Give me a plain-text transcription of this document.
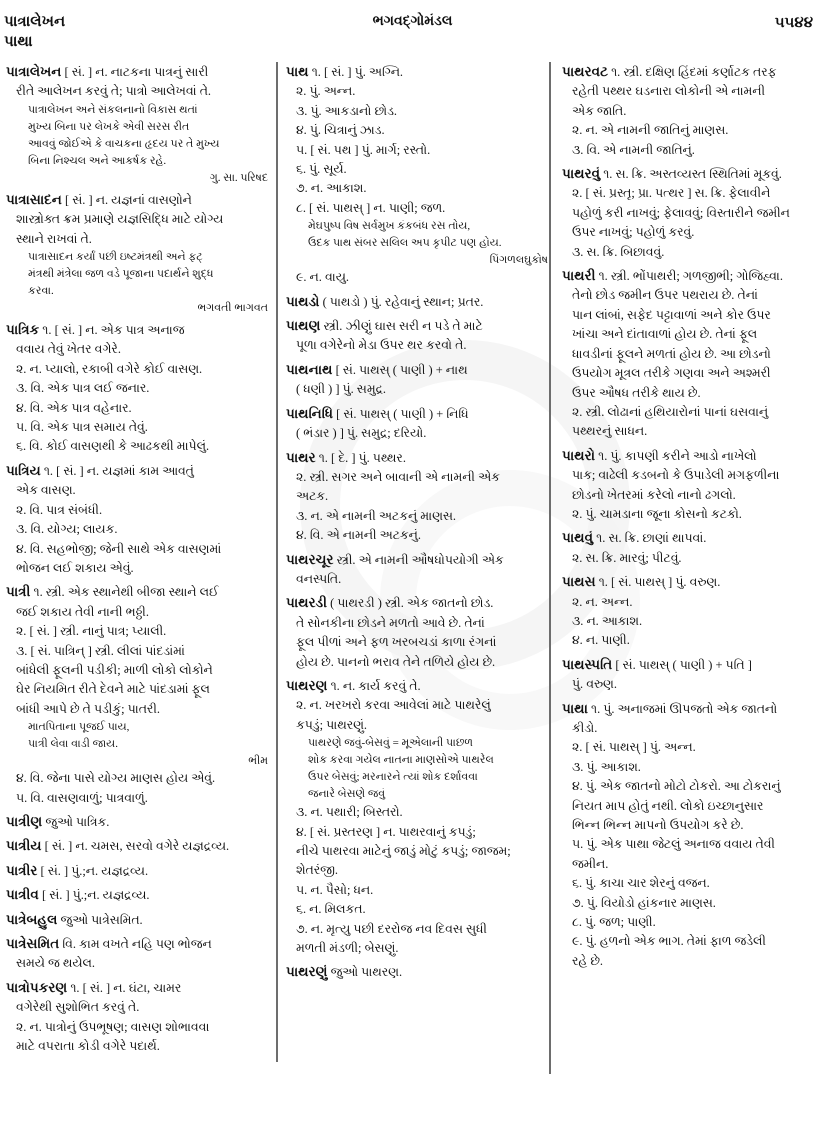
પાત્રાલેખન
પાથા
ભગવદ્ગોમંડલ	૫૫૪૪
પાત્રાલેખન [ સં. ] ન. નાટકના પાત્રનું સારી
રીતે આલેખન કરવું તે; પાત્રો આલેખવાં તે.
પાત્રાલેખન અને સંકલનાનો વિકાસ થતાં
મુખ્ય બિના પર લેખકે એવી સરસ રીત
આવવું જોઈએ કે વાચકના હૃદય પર તે મુખ્ય
બિના નિશ્ચલ અને આકર્ષક રહે.
ગુ. સા. પરિષદ
પાત્રાસાદન [ સં. ] ન. યજ્ઞનાં વાસણોને
શાસ્ત્રોક્ત ક્રમ પ્રમાણે યજ્ઞસિદ્ધિ માટે યોગ્ય
સ્થાને રાખવાં તે.
પાત્રાસાદન કર્યાં પછી ઇષ્ટમંત્રથી અને ફટ્
મંત્રથી મંત્રેલા જળ વડે પૂજાના પદાર્થને શુદ્ધ
કરવા.
ભગવતી ભાગવત
પાત્રિક ૧. [ સં. ] ન. એક પાત્ર અનાજ
વવાય તેવું ખેતર વગેરે.
૨. ન. પ્યાલો, રકાબી વગેરે કોઈ વાસણ.
૩. વિ. એક પાત્ર લઈ જનાર.
૪. વિ. એક પાત્ર વહેનાર.
૫. વિ. એક પાત્ર સમાય તેવું.
૬. વિ. કોઈ વાસણથી કે આઢકથી માપેલું.
પાત્રિય ૧. [ સં. ] ન. યજ્ઞમાં કામ આવતું
એક વાસણ.
૨. વિ. પાત્ર સંબંધી.
૩. વિ. યોગ્ય; લાયક.
૪. વિ. સહભોજી; જેની સાથે એક વાસણમાં
ભોજન લઈ શકાય એવું.
પાત્રી ૧. સ્ત્રી. એક સ્થાનેથી બીજા સ્થાને લઈ
જઈ શકાય તેવી નાની ભઠ્ઠી.
૨. [ સં. ] સ્ત્રી. નાનું પાત્ર; પ્યાલી.
૩. [ સં. પાત્રિન્ ] સ્ત્રી. લીલાં પાંદડાંમાં
બાંધેલી ફૂલની પડીકી; માળી લોકો લોકોને
ઘેર નિયમિત રીતે દેવને માટે પાંદડામાં ફૂલ
બાંધી આપે છે તે પડીકું; પાતરી.
માતપિતાના પૂજઈ પાય,
પાત્રી લેવા વાડી જાય.
ભીમ
૪. વિ. જેના પાસે યોગ્ય માણસ હોય એવું.
૫. વિ. વાસણવાળું; પાત્રવાળું.
પાત્રીણ જુઓ પાત્રિક.
પાત્રીય [ સં. ] ન. ચમસ, સરવો વગેરે યજ્ઞદ્રવ્ય.
પાત્રીર [ સં. ] પું.;ન. યજ્ઞદ્રવ્ય.
પાત્રીવ [ સં. ] પું.;ન. યજ્ઞદ્રવ્ય.
પાત્રેબહુલ જુઓ પાત્રેસમિત.
પાત્રેસમિત વિ. કામ વખતે નહિ પણ ભોજન
સમયે જ થયેલ.
પાત્રોપકરણ ૧. [ સં. ] ન. ઘંટા, ચામર
વગેરેથી સુશોભિત કરવું તે.
૨. ન. પાત્રોનું ઉપભૂષણ; વાસણ શોભાવવા
માટે વપરાતા કોડી વગેરે પદાર્થ.
પાથ ૧. [ સં. ] પું. અગ્નિ.
૨. પું. અન્ન.
૩. પું. આકડાનો છોડ.
૪. પું. ચિત્રાનું ઝાડ.
૫. [ સં. પથ ] પું. માર્ગ; રસ્તો.
૬. પું. સૂર્ય.
૭. ન. આકાશ.
૮. [ સં. પાથસ્ ] ન. પાણી; જળ.
મેઘપુષ્પ વિષ સર્વમુખ કંકબંધ રસ તોય,
ઉદક પાથ સંબર સલિલ અપ કૃપીટ પણ હોય.
પિંગળલઘુકોષ
૯. ન. વાયુ.
પાથડો ( પાથડો ) પું. રહેવાનું સ્થાન; પ્રતર.
પાથણ સ્ત્રી. ઝીણું ઘાસ સરી ન પડે તે માટે
પૂળા વગેરેનો મેડા ઉપર થર કરવો તે.
પાથનાથ [ સં. પાથસ્ ( પાણી ) + નાથ
( ધણી ) ] પું. સમુદ્ર.
પાથનિધિ [ સં. પાથસ્ ( પાણી ) + નિધિ
( ભંડાર ) ] પું. સમુદ્ર; દરિયો.
પાથર ૧. [ દે. ] પું. પથ્થર.
૨. સ્ત્રી. સગર અને બાવાની એ નામની એક
અટક.
૩. ન. એ નામની અટકનું માણસ.
૪. વિ. એ નામની અટકનું.
પાથરચૂર સ્ત્રી. એ નામની ઔષધોપયોગી એક
વનસ્પતિ.
પાથરડી ( પાથરડી ) સ્ત્રી. એક જાતનો છોડ.
તે સોનકીના છોડને મળતો આવે છે. તેનાં
ફૂલ પીળાં અને ફળ ખરબચડાં કાળા રંગનાં
હોય છે. પાનનો ભરાવ તેને તળિયે હોય છે.
પાથરણ ૧. ન. કાર્ય કરવું તે.
૨. ન. ખરખરો કરવા આવેલાં માટે પાથરેલું
કપડું; પાથરણું.
પાથરણે જવું-બેસવું = મૂએલાની પાછળ
શોક કરવા ગયેલ નાતના માણસોએ પાથરેલ
ઉપર બેસવું; મરનારને ત્યાં શોક દર્શાવવા
જનારે બેસણે જવું
૩. ન. પથારી; બિસ્તરો.
૪. [ સં. પ્રસ્તરણ ] ન. પાથરવાનું કપડું;
નીચે પાથરવા માટેનું જાડું મોટું કપડું; જાજમ;
શેતરંજી.
૫. ન. પૈસો; ધન.
૬. ન. મિલકત.
૭. ન. મૃત્યુ પછી દરરોજ નવ દિવસ સુધી
મળતી મંડળી; બેસણું.
પાથરણું જુઓ પાથરણ.
પાથરવટ ૧. સ્ત્રી. દક્ષિણ હિંદમાં કર્ણાટક તરફ
રહેતી પથ્થર ઘડનારા લોકોની એ નામની
એક જાતિ.
૨. ન. એ નામની જાતિનું માણસ.
૩. વિ. એ નામની જાતિનું.
પાથરવું ૧. સ. ક્રિ. અસ્તવ્યસ્ત સ્થિતિમાં મૂકવું.
૨. [ સં. પ્રસ્તૃ; પ્રા. પત્થર ] સ. ક્રિ. ફેલાવીને
પહોળું કરી નાખવું; ફેલાવવું; વિસ્તારીને જમીન
ઉપર નાખવું; પહોળું કરવું.
૩. સ. ક્રિ. બિછાવવું.
પાથરી ૧. સ્ત્રી. ભોંપાથરી; ગળજીભી; ગોજિહ્વા.
તેનો છોડ જમીન ઉપર પથરાય છે. તેનાં
પાન લાંબાં, સફેદ પટ્ટાવાળાં અને કોર ઉપર
ખાંચા અને દાંતાવાળાં હોય છે. તેનાં ફૂલ
ધાવડીનાં ફૂલને મળતાં હોય છે. આ છોડનો
ઉપયોગ મૂત્રલ તરીકે ગણવા અને અશ્મરી
ઉપર ઔષધ તરીકે થાય છે.
૨. સ્ત્રી. લોઢાનાં હથિયારોનાં પાનાં ઘસવાનું
પથ્થરનું સાધન.
પાથરો ૧. પું. કાપણી કરીને આડો નાખેલો
પાક; વાઢેલી કડબનો કે ઉપાડેલી મગફળીના
છોડનો ખેતરમાં કરેલો નાનો ઢગલો.
૨. પું. ચામડાના જૂના કોસનો કટકો.
પાથવું ૧. સ. ક્રિ. છાણાં થાપવાં.
૨. સ. ક્રિ. મારવું; પીટવું.
પાથસ ૧. [ સં. પાથસ્ ] પું. વરુણ.
૨. ન. અન્ન.
૩. ન. આકાશ.
૪. ન. પાણી.
પાથસ્પતિ [ સં. પાથસ્ ( પાણી ) + પતિ ]
પું. વરુણ.
પાથા ૧. પું. અનાજમાં ઊપજતો એક જાતનો
કીડો.
૨. [ સં. પાથસ્ ] પું. અન્ન.
૩. પું. આકાશ.
૪. પું. એક જાતનો મોટો ટોકરો. આ ટોકરાનું
નિયત માપ હોતું નથી. લોકો ઇચ્છાનુસાર
ભિન્ન ભિન્ન માપનો ઉપયોગ કરે છે.
૫. પું. એક પાથા જેટલું અનાજ વવાય તેવી
જમીન.
૬. પું. કાચા ચાર શેરનું વજન.
૭. પું. વિયોડો હાંકનાર માણસ.
૮. પું. જળ; પાણી.
૯. પું. હળનો એક ભાગ. તેમાં ફાળ જડેલી
રહે છે.
